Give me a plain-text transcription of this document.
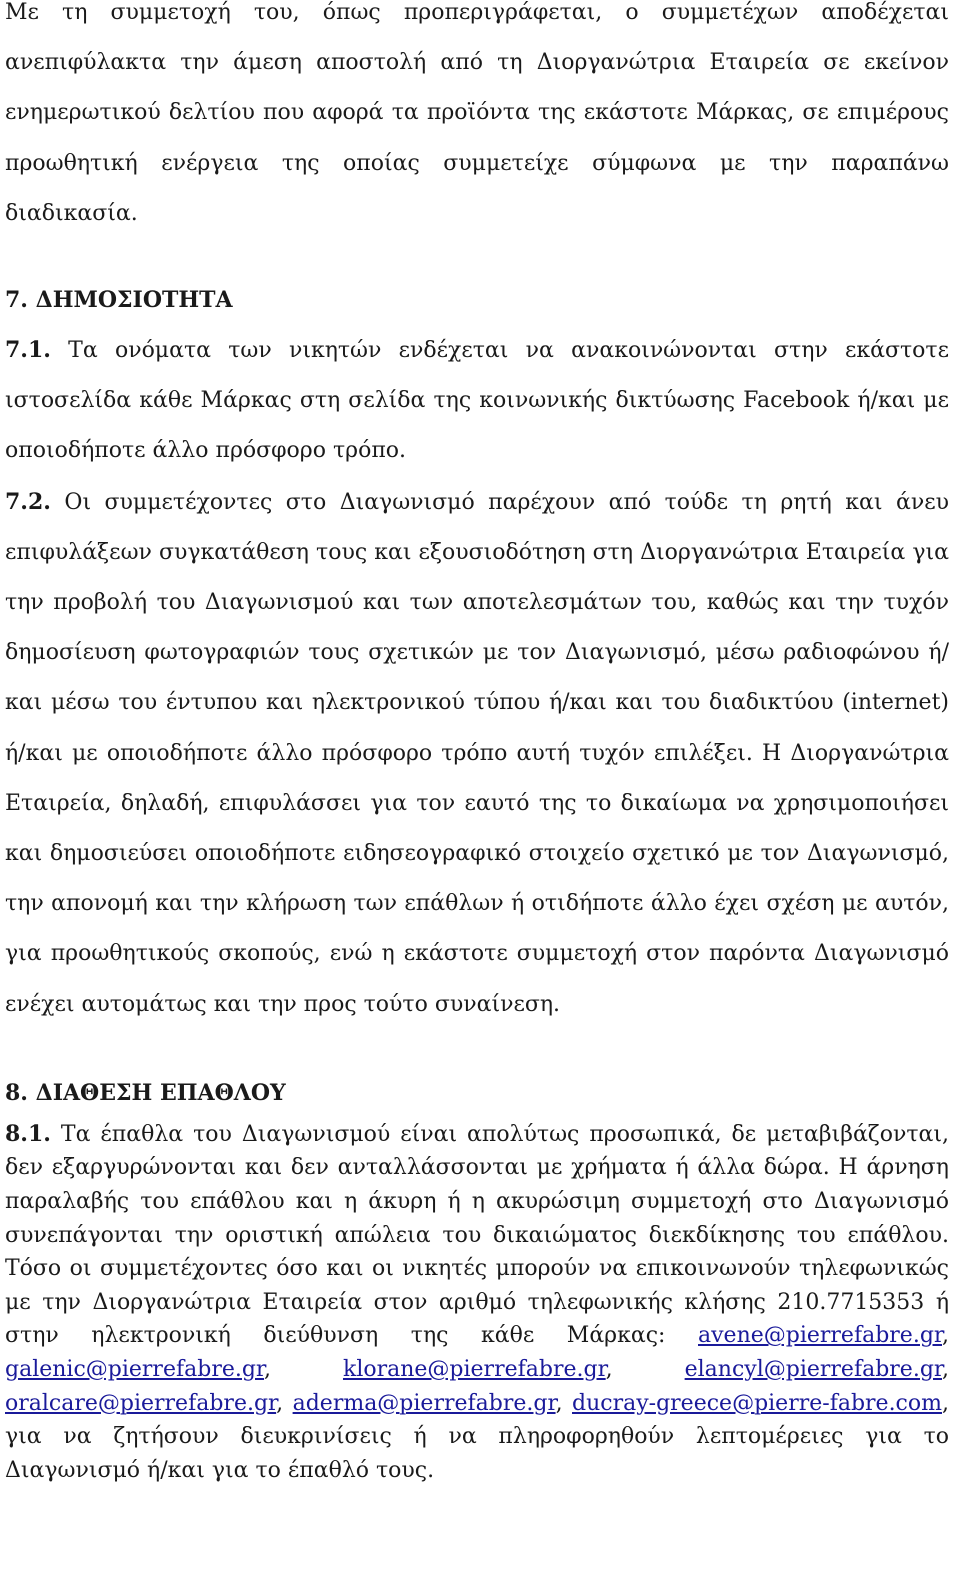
Με τη συμμετοχή του, όπως προπεριγράφεται, ο συμμετέχων αποδέχεται ανεπιφύλακτα την άμεση αποστολή από τη Διοργανώτρια Εταιρεία σε εκείνον ενημερωτικού δελτίου που αφορά τα προϊόντα της εκάστοτε Μάρκας, σε επιμέρους προωθητική ενέργεια της οποίας συμμετείχε σύμφωνα με την παραπάνω διαδικασία.

7. ΔΗΜΟΣΙΟΤΗΤΑ

7.1. Τα ονόματα των νικητών ενδέχεται να ανακοινώνονται στην εκάστοτε ιστοσελίδα κάθε Μάρκας στη σελίδα της κοινωνικής δικτύωσης Facebook ή/και με οποιοδήποτε άλλο πρόσφορο τρόπο.

7.2. Οι συμμετέχοντες στο Διαγωνισμό παρέχουν από τούδε τη ρητή και άνευ επιφυλάξεων συγκατάθεση τους και εξουσιοδότηση στη Διοργανώτρια Εταιρεία για την προβολή του Διαγωνισμού και των αποτελεσμάτων του, καθώς και την τυχόν δημοσίευση φωτογραφιών τους σχετικών με τον Διαγωνισμό, μέσω ραδιοφώνου ή/και μέσω του έντυπου και ηλεκτρονικού τύπου ή/και και του διαδικτύου (internet) ή/και με οποιοδήποτε άλλο πρόσφορο τρόπο αυτή τυχόν επιλέξει. Η Διοργανώτρια Εταιρεία, δηλαδή, επιφυλάσσει για τον εαυτό της το δικαίωμα να χρησιμοποιήσει και δημοσιεύσει οποιοδήποτε ειδησεογραφικό στοιχείο σχετικό με τον Διαγωνισμό, την απονομή και την κλήρωση των επάθλων ή οτιδήποτε άλλο έχει σχέση με αυτόν, για προωθητικούς σκοπούς, ενώ η εκάστοτε συμμετοχή στον παρόντα Διαγωνισμό ενέχει αυτομάτως και την προς τούτο συναίνεση.

8. ΔΙΑΘΕΣΗ ΕΠΑΘΛΟΥ

8.1. Τα έπαθλα του Διαγωνισμού είναι απολύτως προσωπικά, δε μεταβιβάζονται, δεν εξαργυρώνονται και δεν ανταλλάσσονται με χρήματα ή άλλα δώρα. Η άρνηση παραλαβής του επάθλου και η άκυρη ή η ακυρώσιμη συμμετοχή στο Διαγωνισμό συνεπάγονται την οριστική απώλεια του δικαιώματος διεκδίκησης του επάθλου. Τόσο οι συμμετέχοντες όσο και οι νικητές μπορούν να επικοινωνούν τηλεφωνικώς με την Διοργανώτρια Εταιρεία στον αριθμό τηλεφωνικής κλήσης 210.7715353 ή στην ηλεκτρονική διεύθυνση της κάθε Μάρκας: avene@pierrefabre.gr, galenic@pierrefabre.gr, klorane@pierrefabre.gr, elancyl@pierrefabre.gr, oralcare@pierrefabre.gr, aderma@pierrefabre.gr, ducray-greece@pierre-fabre.com, για να ζητήσουν διευκρινίσεις ή να πληροφορηθούν λεπτομέρειες για το Διαγωνισμό ή/και για το έπαθλό τους.
